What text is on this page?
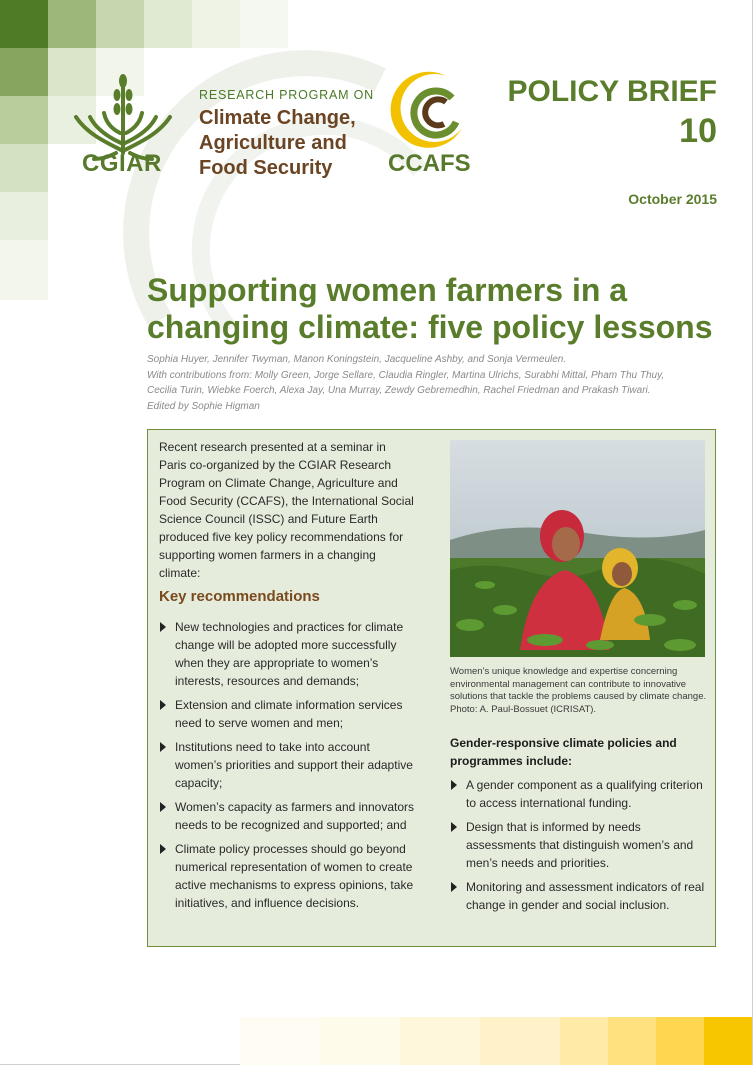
CGIAR
RESEARCH PROGRAM ON
Climate Change,
Agriculture and
Food Security	CCAFS
POLICY BRIEF
10
October 2015
Supporting women farmers in a changing climate: five policy lessons
Sophia Huyer, Jennifer Twyman, Manon Koningstein, Jacqueline Ashby, and Sonja Vermeulen.
With contributions from: Molly Green, Jorge Sellare, Claudia Ringler, Martina Ulrichs, Surabhi Mittal, Pham Thu Thuy,
Cecilia Turin, Wiebke Foerch, Alexa Jay, Una Murray, Zewdy Gebremedhin, Rachel Friedman and Prakash Tiwari.
Edited by Sophie Higman
Recent research presented at a seminar in Paris co-organized by the CGIAR Research Program on Climate Change, Agriculture and Food Security (CCAFS), the International Social Science Council (ISSC) and Future Earth produced five key policy recommendations for supporting women farmers in a changing climate:
Key recommendations
New technologies and practices for climate change will be adopted more successfully when they are appropriate to women’s interests, resources and demands;
Extension and climate information services need to serve women and men;
Institutions need to take into account women’s priorities and support their adaptive capacity;
Women’s capacity as farmers and innovators needs to be recognized and supported; and
Climate policy processes should go beyond numerical representation of women to create active mechanisms to express opinions, take initiatives, and influence decisions.
Women’s unique knowledge and expertise concerning environmental management can contribute to innovative solutions that tackle the problems caused by climate change. Photo: A. Paul-Bossuet (ICRISAT).
Gender-responsive climate policies and programmes include:
A gender component as a qualifying criterion to access international funding.
Design that is informed by needs assessments that distinguish women’s and men’s needs and priorities.
Monitoring and assessment indicators of real change in gender and social inclusion.
